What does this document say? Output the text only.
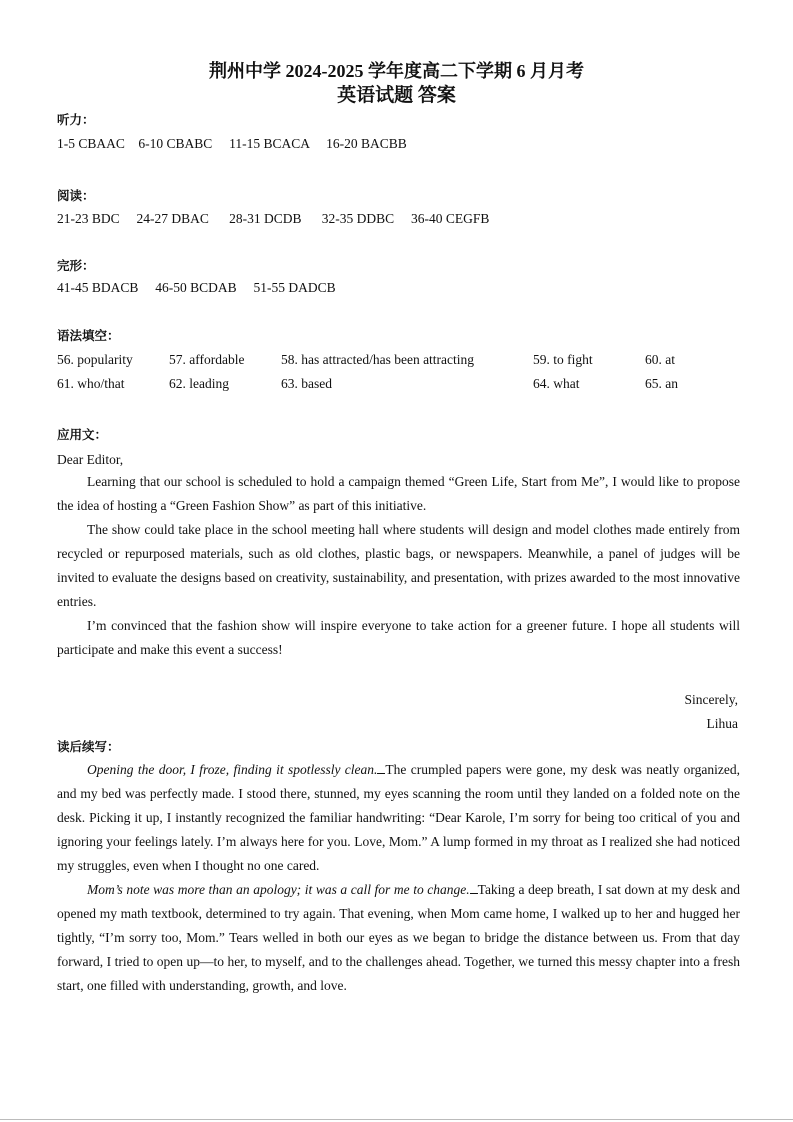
荆州中学 2024-2025 学年度高二下学期 6 月月考
英语试题 答案
听力：
1-5 CBAAC    6-10 CBABC     11-15 BCACA     16-20 BACBB
阅读：
21-23 BDC     24-27 DBAC      28-31 DCDB      32-35 DDBC     36-40 CEGFB
完形：
41-45 BDACB     46-50 BCDAB     51-55 DADCB
语法填空：
56. popularity	57. affordable	58. has attracted/has been attracting	59. to fight	60. at
61. who/that	62. leading	63. based	64. what	65. an
应用文：
Dear Editor,
Learning that our school is scheduled to hold a campaign themed “Green Life, Start from Me”, I would like to propose the idea of hosting a “Green Fashion Show” as part of this initiative.
The show could take place in the school meeting hall where students will design and model clothes made entirely from recycled or repurposed materials, such as old clothes, plastic bags, or newspapers. Meanwhile, a panel of judges will be invited to evaluate the designs based on creativity, sustainability, and presentation, with prizes awarded to the most innovative entries.
I’m convinced that the fashion show will inspire everyone to take action for a greener future. I hope all students will participate and make this event a success!
Sincerely,
Lihua
读后续写：
Opening the door, I froze, finding it spotlessly clean. The crumpled papers were gone, my desk was neatly organized, and my bed was perfectly made. I stood there, stunned, my eyes scanning the room until they landed on a folded note on the desk. Picking it up, I instantly recognized the familiar handwriting: “Dear Karole, I’m sorry for being too critical of you and ignoring your feelings lately. I’m always here for you. Love, Mom.” A lump formed in my throat as I realized she had noticed my struggles, even when I thought no one cared.
Mom’s note was more than an apology; it was a call for me to change. Taking a deep breath, I sat down at my desk and opened my math textbook, determined to try again. That evening, when Mom came home, I walked up to her and hugged her tightly, “I’m sorry too, Mom.” Tears welled in both our eyes as we began to bridge the distance between us. From that day forward, I tried to open up—to her, to myself, and to the challenges ahead. Together, we turned this messy chapter into a fresh start, one filled with understanding, growth, and love.
